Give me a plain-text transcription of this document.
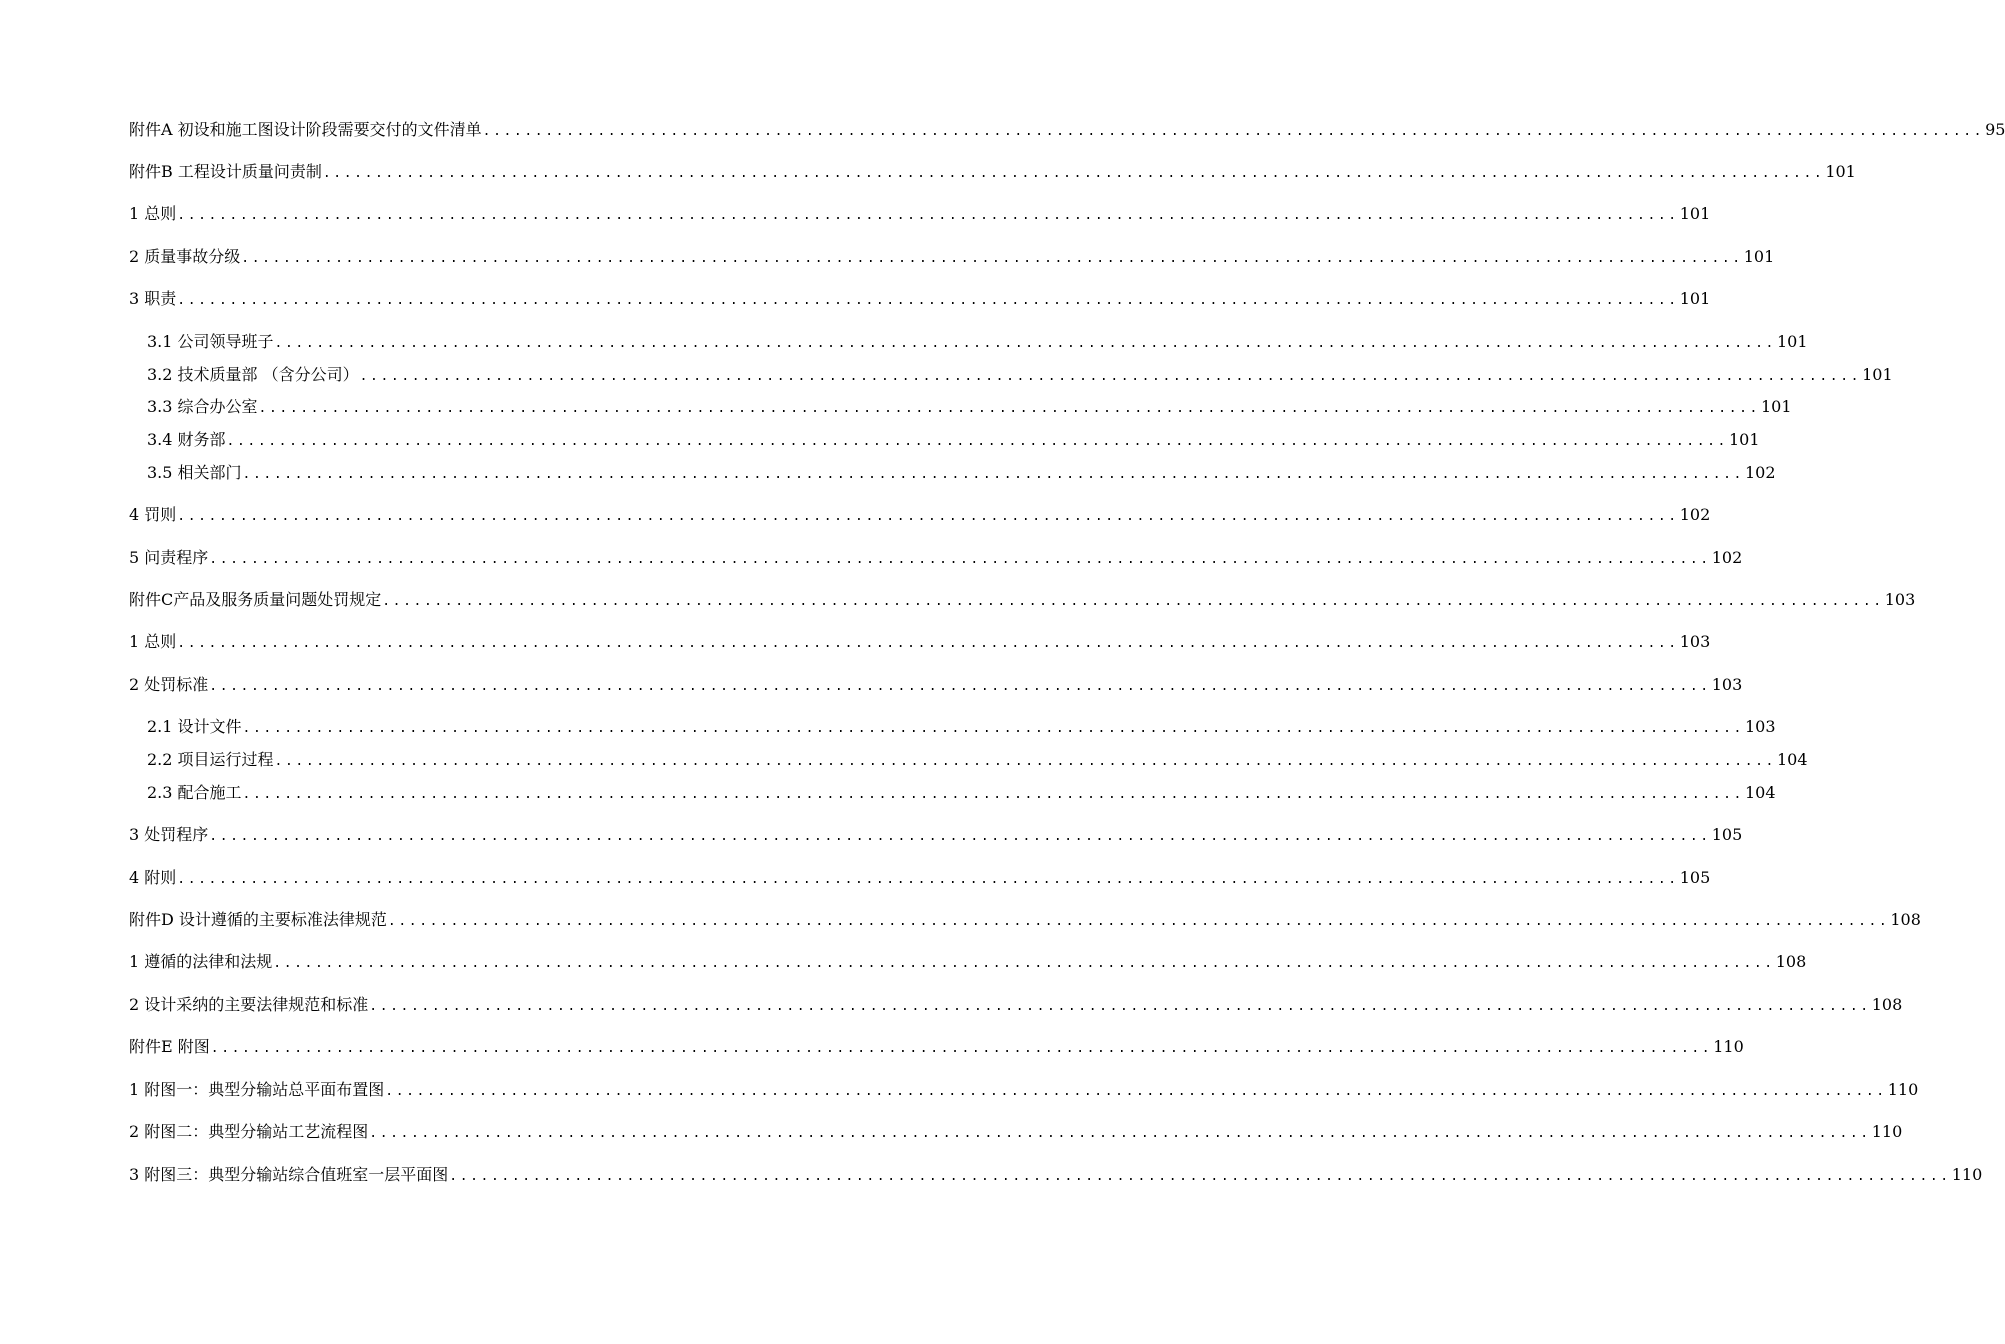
附件A 初设和施工图设计阶段需要交付的文件清单 ................................................................................................................................................ 95
附件B 工程设计质量问责制 ................................................................................................................................................ 101
1 总则 ................................................................................................................................................ 101
2 质量事故分级 ................................................................................................................................................ 101
3 职责 ................................................................................................................................................ 101
3.1 公司领导班子 ................................................................................................................................................ 101
3.2 技术质量部 （含分公司） ................................................................................................................................................ 101
3.3 综合办公室 ................................................................................................................................................ 101
3.4 财务部 ................................................................................................................................................ 101
3.5 相关部门 ................................................................................................................................................ 102
4 罚则 ................................................................................................................................................ 102
5 问责程序 ................................................................................................................................................ 102
附件C产品及服务质量问题处罚规定 ................................................................................................................................................ 103
1 总则 ................................................................................................................................................ 103
2 处罚标准 ................................................................................................................................................ 103
2.1 设计文件 ................................................................................................................................................ 103
2.2 项目运行过程 ................................................................................................................................................ 104
2.3 配合施工 ................................................................................................................................................ 104
3 处罚程序 ................................................................................................................................................ 105
4 附则 ................................................................................................................................................ 105
附件D 设计遵循的主要标准法律规范 ................................................................................................................................................ 108
1 遵循的法律和法规 ................................................................................................................................................ 108
2 设计采纳的主要法律规范和标准 ................................................................................................................................................ 108
附件E 附图 ................................................................................................................................................ 110
1 附图一：典型分输站总平面布置图 ................................................................................................................................................ 110
2 附图二：典型分输站工艺流程图 ................................................................................................................................................ 110
3 附图三：典型分输站综合值班室一层平面图 ................................................................................................................................................ 110
